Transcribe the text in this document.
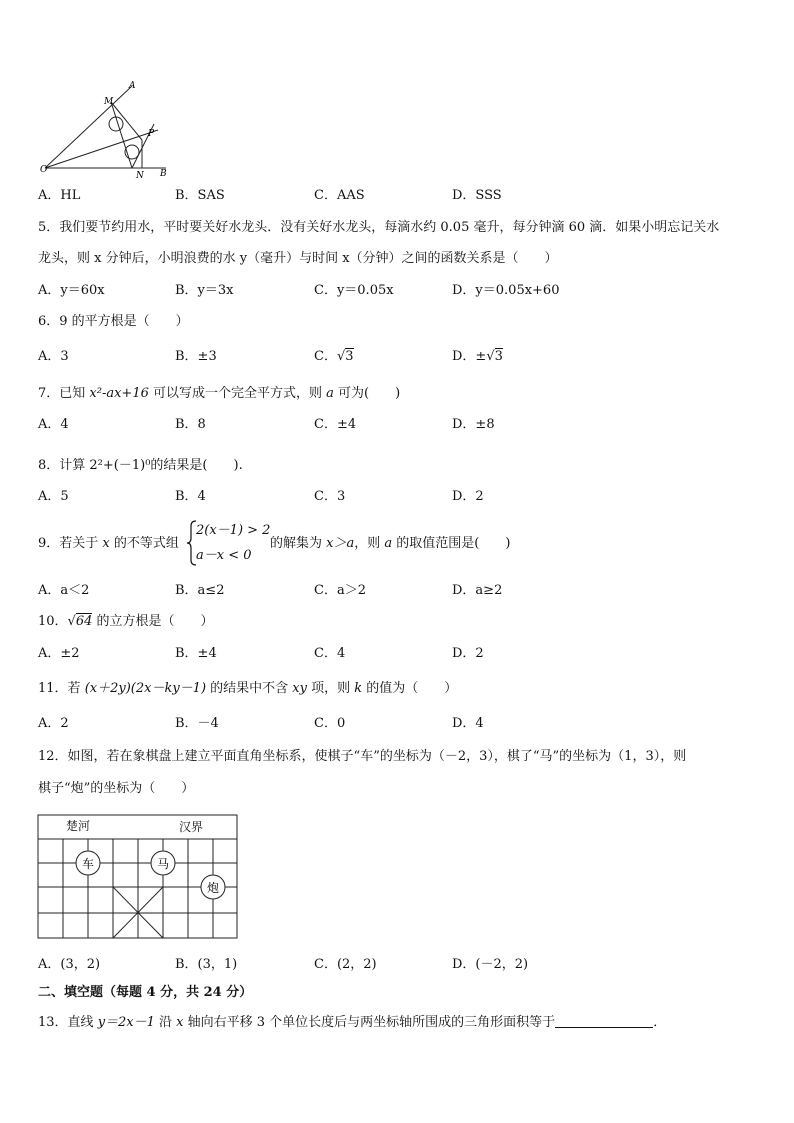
A
M
P
O
N B
A．HL	B．SAS	C．AAS	D．SSS
5．我们要节约用水，平时要关好水龙头．没有关好水龙头，每滴水约 0.05 毫升，每分钟滴 60 滴．如果小明忘记关水
龙头，则 x 分钟后，小明浪费的水 y（毫升）与时间 x（分钟）之间的函数关系是（　　）
A．y＝60x	B．y＝3x	C．y＝0.05x	D．y＝0.05x+60
6．9 的平方根是（　　）
A．3	B．±3	C．√3	D．±√3
7．已知 x²-ax+16 可以写成一个完全平方式，则 a 可为(　　)
A．4	B．8	C．±4	D．±8
8．计算 2²+(－1)⁰的结果是(　　).
A．5	B．4	C．3	D．2
9．若关于 x 的不等式组
2(x－1) > 2
a－x < 0
的解集为 x＞a，则 a 的取值范围是(　　)
A．a＜2	B．a≤2	C．a＞2	D．a≥2
10．√64 的立方根是（　　）
A．±2	B．±4	C．4	D．2
11．若 (x＋2y)(2x－ky－1) 的结果中不含 xy 项，则 k 的值为（　　）
A．2	B．－4	C．0	D．4
12．如图，若在象棋盘上建立平面直角坐标系，使棋子“车”的坐标为（－2，3），棋了“马”的坐标为（1，3），则
棋子“炮”的坐标为（　　）
车	马
炮
楚河	汉界
A．(3，2)	B．(3，1)	C．(2，2)	D．(－2，2)
二、填空题（每题 4 分，共 24 分）
13．直线 y＝2x－1 沿 x 轴向右平移 3 个单位长度后与两坐标轴所围成的三角形面积等于	．
